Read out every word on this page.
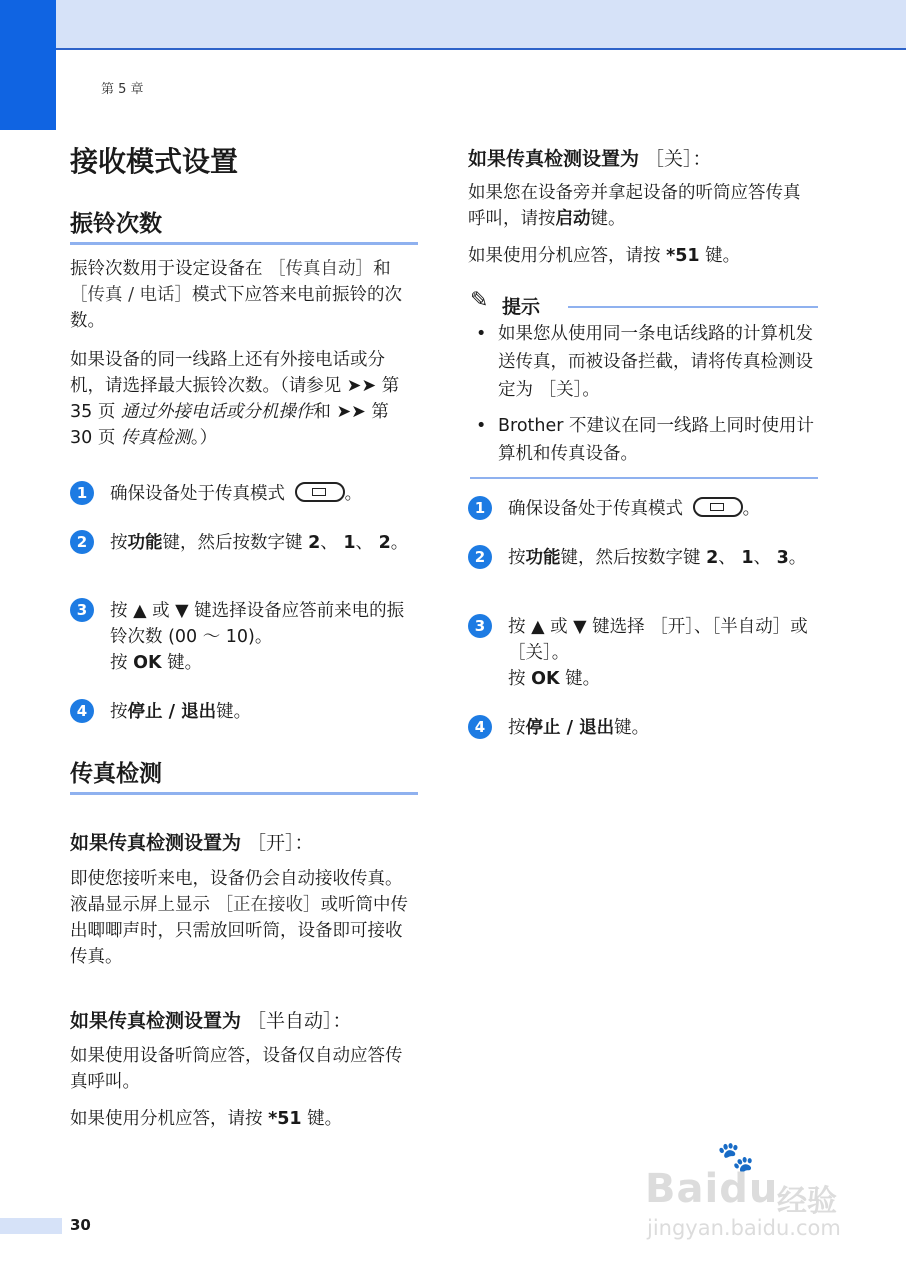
第 5 章
接收模式设置
振铃次数
振铃次数用于设定设备在 ［传真自动］和 ［传真 / 电话］模式下应答来电前振铃的次数。
如果设备的同一线路上还有外接电话或分机，请选择最大振铃次数。（请参见 ➤➤ 第 35 页 通过外接电话或分机操作和 ➤➤ 第 30 页 传真检测。）
1	确保设备处于传真模式	。
2	按功能键，然后按数字键 2、 1、 2。
3	按 ▲ 或 ▼ 键选择设备应答前来电的振铃次数 (00 ～ 10)。
按 OK 键。
4	按停止 / 退出键。
传真检测
如果传真检测设置为 ［开］：
即使您接听来电，设备仍会自动接收传真。液晶显示屏上显示 ［正在接收］或听筒中传出唧唧声时，只需放回听筒，设备即可接收传真。
如果传真检测设置为 ［半自动］：
如果使用设备听筒应答，设备仅自动应答传真呼叫。
如果使用分机应答，请按 *51 键。
如果传真检测设置为 ［关］：
如果您在设备旁并拿起设备的听筒应答传真呼叫，请按启动键。
如果使用分机应答，请按 *51 键。
✎ 提示
• 如果您从使用同一条电话线路的计算机发送传真，而被设备拦截，请将传真检测设定为 ［关］。
• Brother 不建议在同一线路上同时使用计算机和传真设备。
1	确保设备处于传真模式	。
2	按功能键，然后按数字键 2、 1、 3。
3	按 ▲ 或 ▼ 键选择 ［开］、［半自动］或 ［关］。
按 OK 键。
4	按停止 / 退出键。
30
🐾
Baidu
经验
jingyan.baidu.com
